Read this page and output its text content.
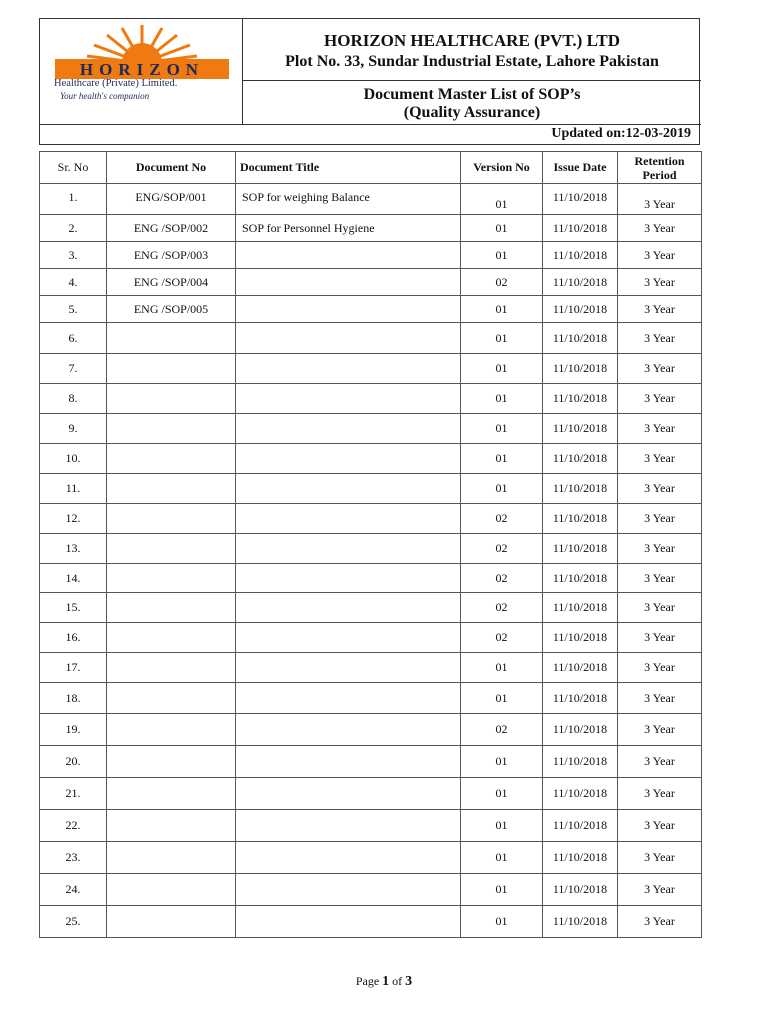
HORIZON
Healthcare (Private) Limited.
Your health's companion
HORIZON HEALTHCARE (PVT.) LTD
Plot No. 33, Sundar Industrial Estate, Lahore Pakistan
Document Master List of SOP’s
(Quality Assurance)
Updated on:12-03-2019
Sr. No	Document No	Document Title	Version No	Issue Date	Retention Period
1.	ENG/SOP/001	SOP for weighing Balance	01	11/10/2018	3 Year
2.	ENG /SOP/002	SOP for Personnel Hygiene	01	11/10/2018	3 Year
3.	ENG /SOP/003		01	11/10/2018	3 Year
4.	ENG /SOP/004		02	11/10/2018	3 Year
5.	ENG /SOP/005		01	11/10/2018	3 Year
6.			01	11/10/2018	3 Year
7.			01	11/10/2018	3 Year
8.			01	11/10/2018	3 Year
9.			01	11/10/2018	3 Year
10.			01	11/10/2018	3 Year
11.			01	11/10/2018	3 Year
12.			02	11/10/2018	3 Year
13.			02	11/10/2018	3 Year
14.			02	11/10/2018	3 Year
15.			02	11/10/2018	3 Year
16.			02	11/10/2018	3 Year
17.			01	11/10/2018	3 Year
18.			01	11/10/2018	3 Year
19.			02	11/10/2018	3 Year
20.			01	11/10/2018	3 Year
21.			01	11/10/2018	3 Year
22.			01	11/10/2018	3 Year
23.			01	11/10/2018	3 Year
24.			01	11/10/2018	3 Year
25.			01	11/10/2018	3 Year
Page 1 of 3
